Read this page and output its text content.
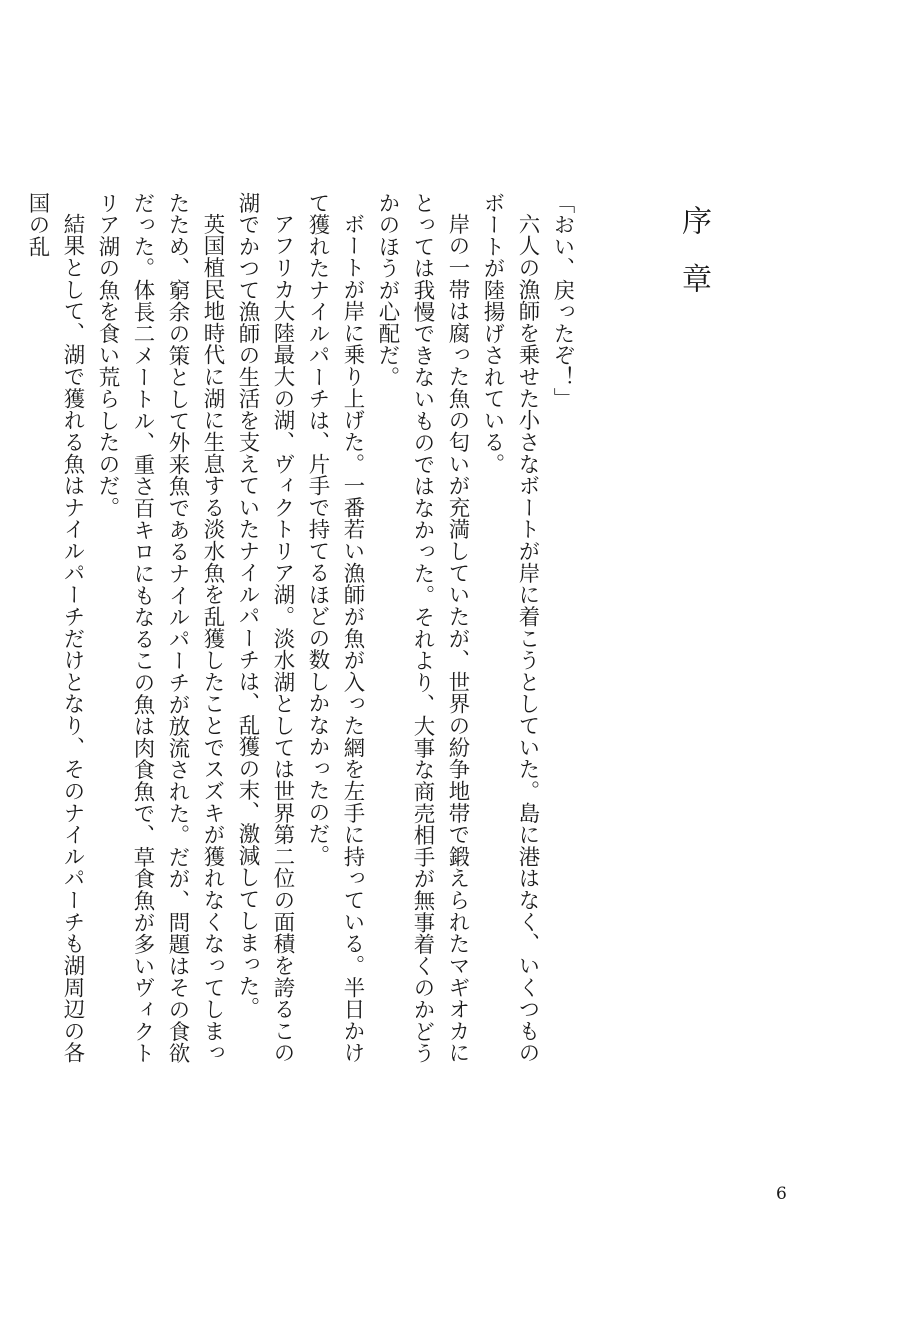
序章

「おい、戻ったぞ！」

六人の漁師を乗せた小さなボートが岸に着こうとしていた。島に港はなく、いくつものボートが陸揚げされている。

岸の一帯は腐った魚の匂いが充満していたが、世界の紛争地帯で鍛えられたマギオカにとっては我慢できないものではなかった。それより、大事な商売相手が無事着くのかどうかのほうが心配だ。

ボートが岸に乗り上げた。一番若い漁師が魚が入った網を左手に持っている。半日かけて獲れたナイルパーチは、片手で持てるほどの数しかなかったのだ。

アフリカ大陸最大の湖、ヴィクトリア湖。淡水湖としては世界第二位の面積を誇るこの湖でかつて漁師の生活を支えていたナイルパーチは、乱獲の末、激減してしまった。

英国植民地時代に湖に生息する淡水魚を乱獲したことでスズキが獲れなくなってしまったため、窮余の策として外来魚であるナイルパーチが放流された。だが、問題はその食欲だった。体長二メートル、重さ百キロにもなるこの魚は肉食魚で、草食魚が多いヴィクトリア湖の魚を食い荒らしたのだ。

結果として、湖で獲れる魚はナイルパーチだけとなり、そのナイルパーチも湖周辺の各国の乱

6
